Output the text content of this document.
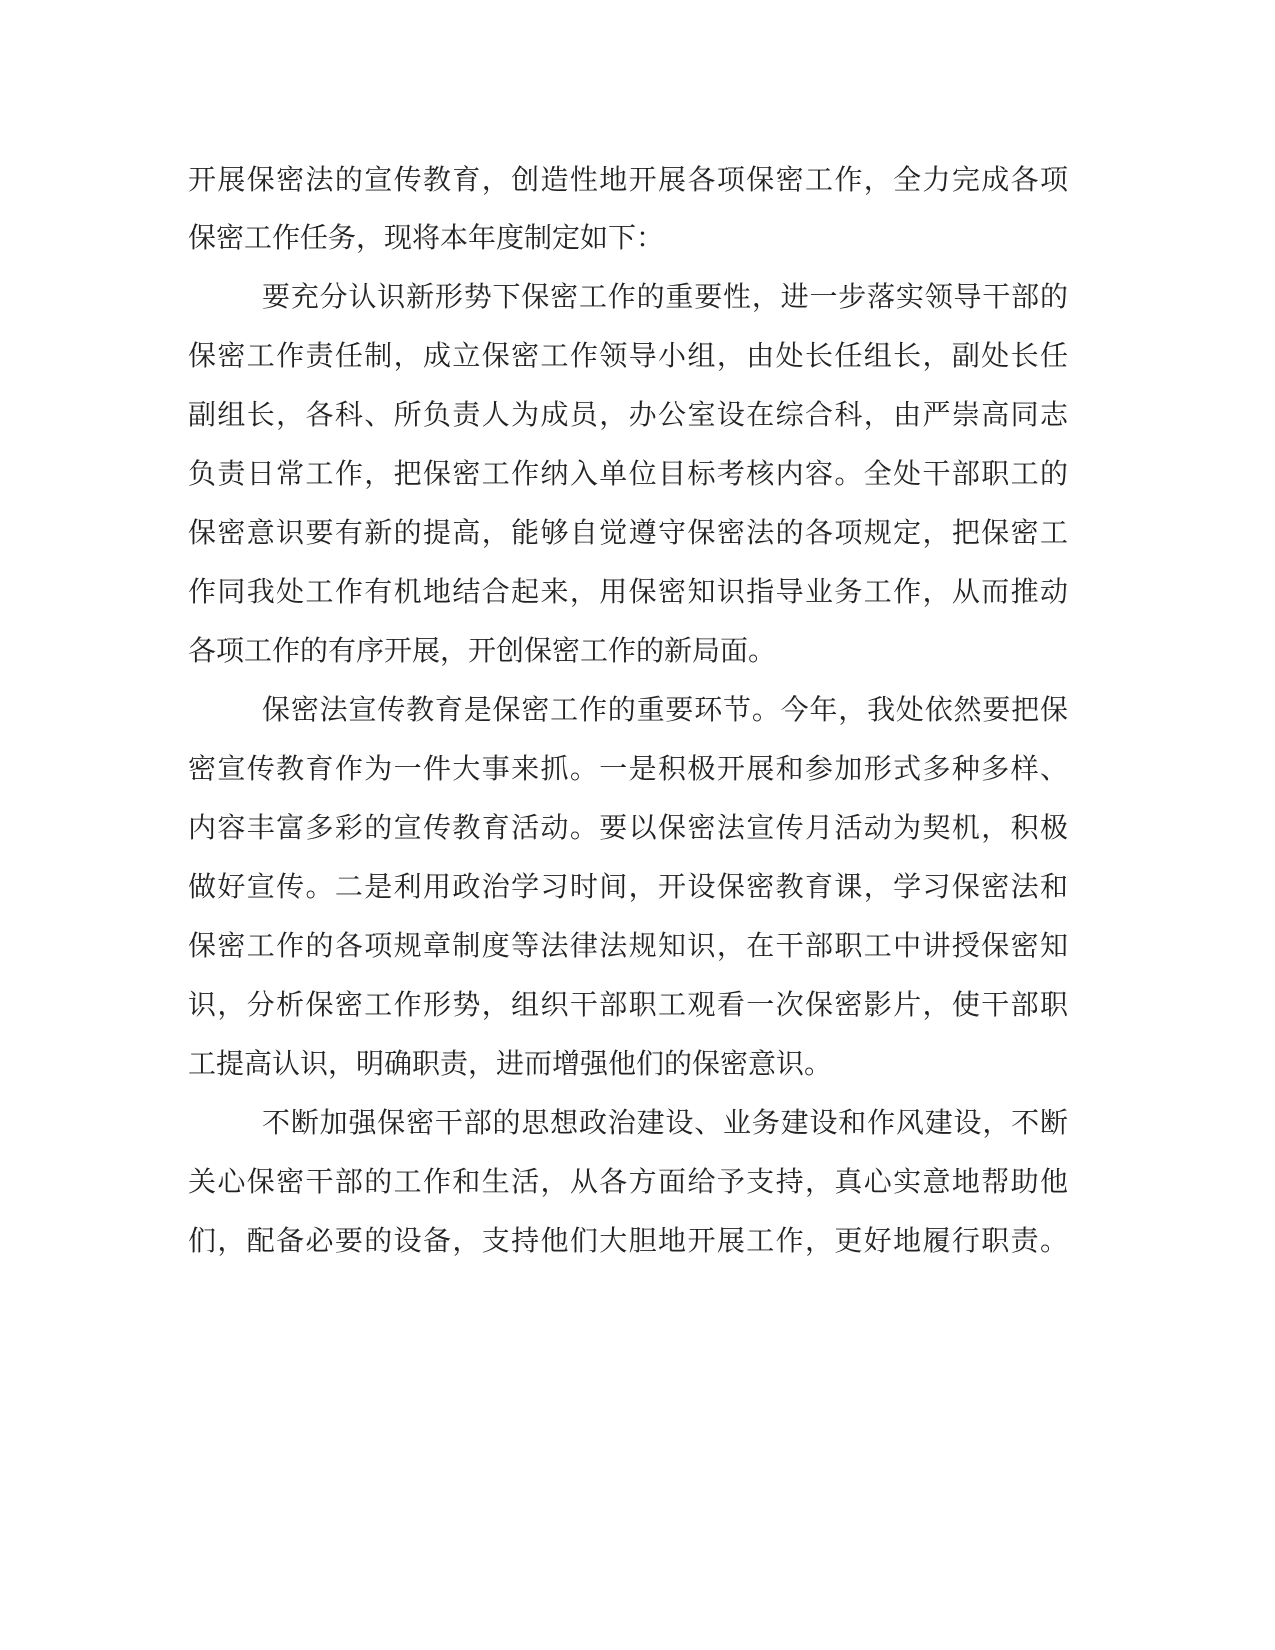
开展保密法的宣传教育，创造性地开展各项保密工作，全力完成各项
保密工作任务，现将本年度制定如下：
要充分认识新形势下保密工作的重要性，进一步落实领导干部的
保密工作责任制，成立保密工作领导小组，由处长任组长，副处长任
副组长，各科、所负责人为成员，办公室设在综合科，由严崇高同志
负责日常工作，把保密工作纳入单位目标考核内容。全处干部职工的
保密意识要有新的提高，能够自觉遵守保密法的各项规定，把保密工
作同我处工作有机地结合起来，用保密知识指导业务工作，从而推动
各项工作的有序开展，开创保密工作的新局面。
保密法宣传教育是保密工作的重要环节。今年，我处依然要把保
密宣传教育作为一件大事来抓。一是积极开展和参加形式多种多样、
内容丰富多彩的宣传教育活动。要以保密法宣传月活动为契机，积极
做好宣传。二是利用政治学习时间，开设保密教育课，学习保密法和
保密工作的各项规章制度等法律法规知识，在干部职工中讲授保密知
识，分析保密工作形势，组织干部职工观看一次保密影片，使干部职
工提高认识，明确职责，进而增强他们的保密意识。
不断加强保密干部的思想政治建设、业务建设和作风建设，不断
关心保密干部的工作和生活，从各方面给予支持，真心实意地帮助他
们，配备必要的设备，支持他们大胆地开展工作，更好地履行职责。
